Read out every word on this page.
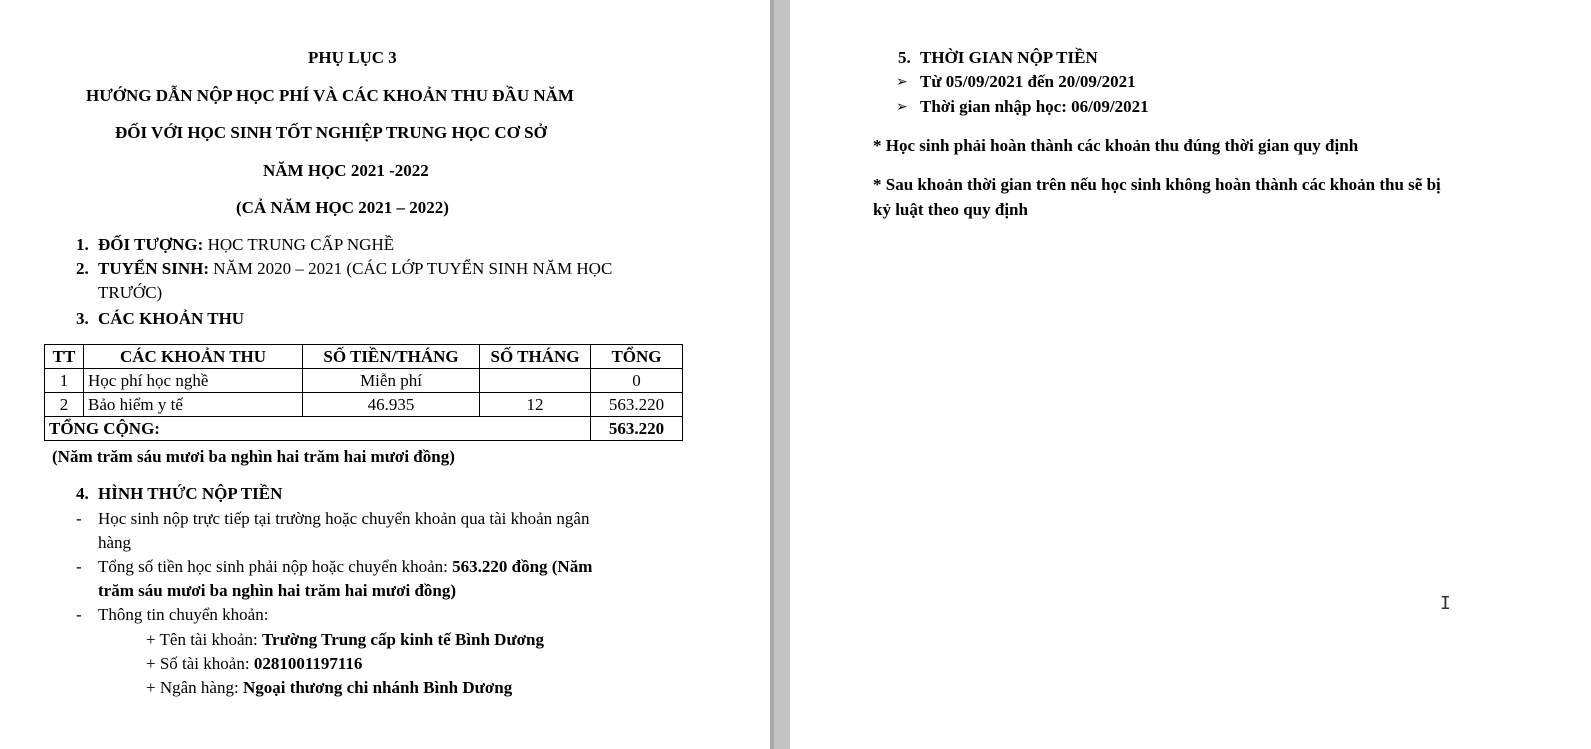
PHỤ LỤC 3
HƯỚNG DẪN NỘP HỌC PHÍ VÀ CÁC KHOẢN THU ĐẦU NĂM
ĐỐI VỚI HỌC SINH TỐT NGHIỆP TRUNG HỌC CƠ SỞ
NĂM HỌC 2021 -2022
(CẢ NĂM HỌC 2021 – 2022)
1. ĐỐI TƯỢNG: HỌC TRUNG CẤP NGHỀ
2. TUYỂN SINH: NĂM 2020 – 2021 (CÁC LỚP TUYỂN SINH NĂM HỌC
TRƯỚC)
3. CÁC KHOẢN THU
TT	CÁC KHOẢN THU	SỐ TIỀN/THÁNG	SỐ THÁNG	TỔNG
1	Học phí học nghề	Miễn phí		0
2	Bảo hiểm y tế	46.935	12	563.220
TỔNG CỘNG:				563.220
(Năm trăm sáu mươi ba nghìn hai trăm hai mươi đồng)
4. HÌNH THỨC NỘP TIỀN
- Học sinh nộp trực tiếp tại trường hoặc chuyển khoản qua tài khoản ngân
hàng
- Tổng số tiền học sinh phải nộp hoặc chuyển khoản: 563.220 đồng (Năm
trăm sáu mươi ba nghìn hai trăm hai mươi đồng)
- Thông tin chuyển khoản:
+ Tên tài khoản: Trường Trung cấp kinh tế Bình Dương
+ Số tài khoản: 0281001197116
+ Ngân hàng: Ngoại thương chi nhánh Bình Dương
5. THỜI GIAN NỘP TIỀN
➢ Từ 05/09/2021 đến 20/09/2021
➢ Thời gian nhập học: 06/09/2021
* Học sinh phải hoàn thành các khoản thu đúng thời gian quy định
* Sau khoản thời gian trên nếu học sinh không hoàn thành các khoản thu sẽ bị
kỷ luật theo quy định
I
